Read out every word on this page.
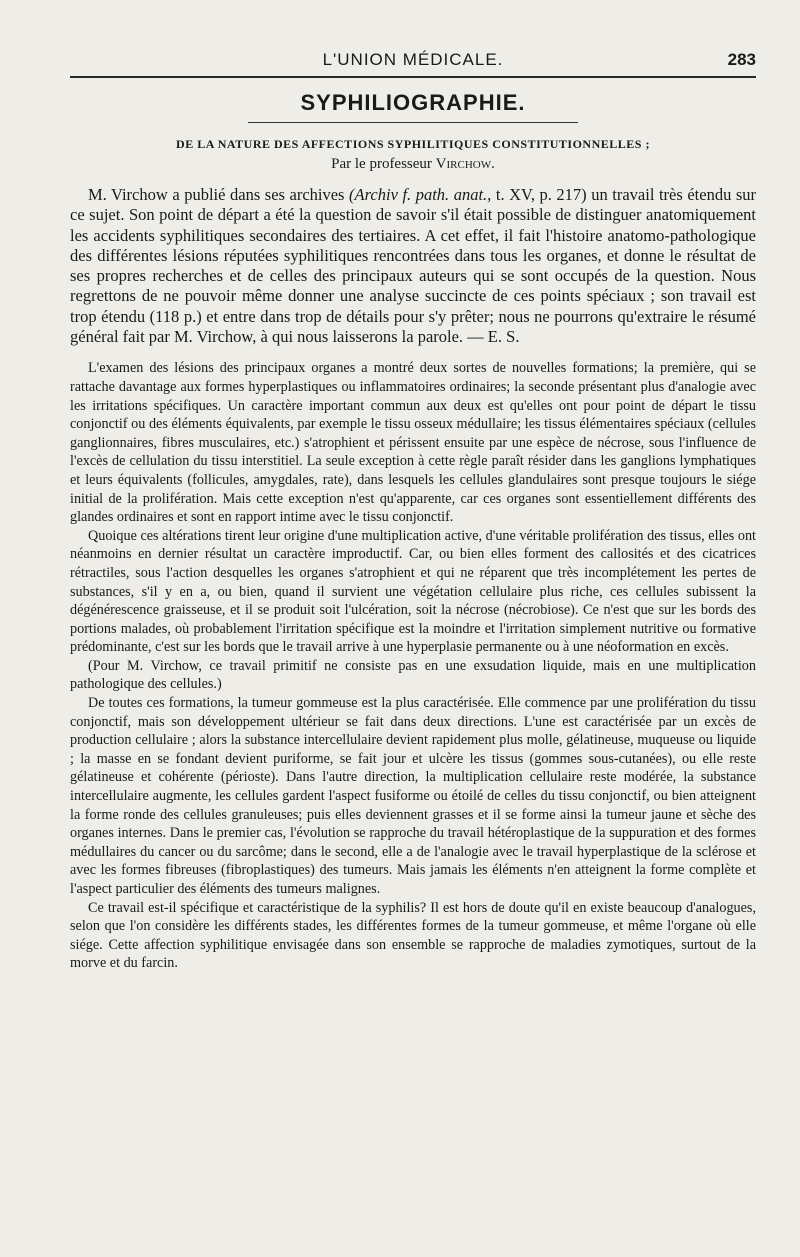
L'UNION MÉDICALE.	283
SYPHILIOGRAPHIE.
DE LA NATURE DES AFFECTIONS SYPHILITIQUES CONSTITUTIONNELLES ;
Par le professeur Virchow.

M. Virchow a publié dans ses archives (Archiv f. path. anat., t. XV, p. 217) un travail très étendu sur ce sujet. Son point de départ a été la question de savoir s'il était possible de distinguer anatomiquement les accidents syphilitiques secondaires des tertiaires. A cet effet, il fait l'histoire anatomo-pathologique des différentes lésions réputées syphilitiques rencontrées dans tous les organes, et donne le résultat de ses propres recherches et de celles des principaux auteurs qui se sont occupés de la question. Nous regrettons de ne pouvoir même donner une analyse succincte de ces points spéciaux ; son travail est trop étendu (118 p.) et entre dans trop de détails pour s'y prêter; nous ne pourrons qu'extraire le résumé général fait par M. Virchow, à qui nous laisserons la parole. — E. S.

L'examen des lésions des principaux organes a montré deux sortes de nouvelles formations; la première, qui se rattache davantage aux formes hyperplastiques ou inflammatoires ordinaires; la seconde présentant plus d'analogie avec les irritations spécifiques. Un caractère important commun aux deux est qu'elles ont pour point de départ le tissu conjonctif ou des éléments équivalents, par exemple le tissu osseux médullaire; les tissus élémentaires spéciaux (cellules ganglionnaires, fibres musculaires, etc.) s'atrophient et périssent ensuite par une espèce de nécrose, sous l'influence de l'excès de cellulation du tissu interstitiel. La seule exception à cette règle paraît résider dans les ganglions lymphatiques et leurs équivalents (follicules, amygdales, rate), dans lesquels les cellules glandulaires sont presque toujours le siége initial de la prolifération. Mais cette exception n'est qu'apparente, car ces organes sont essentiellement différents des glandes ordinaires et sont en rapport intime avec le tissu conjonctif.

Quoique ces altérations tirent leur origine d'une multiplication active, d'une véritable prolifération des tissus, elles ont néanmoins en dernier résultat un caractère improductif. Car, ou bien elles forment des callosités et des cicatrices rétractiles, sous l'action desquelles les organes s'atrophient et qui ne réparent que très incomplétement les pertes de substances, s'il y en a, ou bien, quand il survient une végétation cellulaire plus riche, ces cellules subissent la dégénérescence graisseuse, et il se produit soit l'ulcération, soit la nécrose (nécrobiose). Ce n'est que sur les bords des portions malades, où probablement l'irritation spécifique est la moindre et l'irritation simplement nutritive ou formative prédominante, c'est sur les bords que le travail arrive à une hyperplasie permanente ou à une néoformation en excès.

(Pour M. Virchow, ce travail primitif ne consiste pas en une exsudation liquide, mais en une multiplication pathologique des cellules.)

De toutes ces formations, la tumeur gommeuse est la plus caractérisée. Elle commence par une prolifération du tissu conjonctif, mais son développement ultérieur se fait dans deux directions. L'une est caractérisée par un excès de production cellulaire ; alors la substance intercellulaire devient rapidement plus molle, gélatineuse, muqueuse ou liquide ; la masse en se fondant devient puriforme, se fait jour et ulcère les tissus (gommes sous-cutanées), ou elle reste gélatineuse et cohérente (périoste). Dans l'autre direction, la multiplication cellulaire reste modérée, la substance intercellulaire augmente, les cellules gardent l'aspect fusiforme ou étoilé de celles du tissu conjonctif, ou bien atteignent la forme ronde des cellules granuleuses; puis elles deviennent grasses et il se forme ainsi la tumeur jaune et sèche des organes internes. Dans le premier cas, l'évolution se rapproche du travail hétéroplastique de la suppuration et des formes médullaires du cancer ou du sarcôme; dans le second, elle a de l'analogie avec le travail hyperplastique de la sclérose et avec les formes fibreuses (fibroplastiques) des tumeurs. Mais jamais les éléments n'en atteignent la forme complète et l'aspect particulier des éléments des tumeurs malignes.

Ce travail est-il spécifique et caractéristique de la syphilis? Il est hors de doute qu'il en existe beaucoup d'analogues, selon que l'on considère les différents stades, les différentes formes de la tumeur gommeuse, et même l'organe où elle siége. Cette affection syphilitique envisagée dans son ensemble se rapproche de maladies zymotiques, surtout de la morve et du farcin.
